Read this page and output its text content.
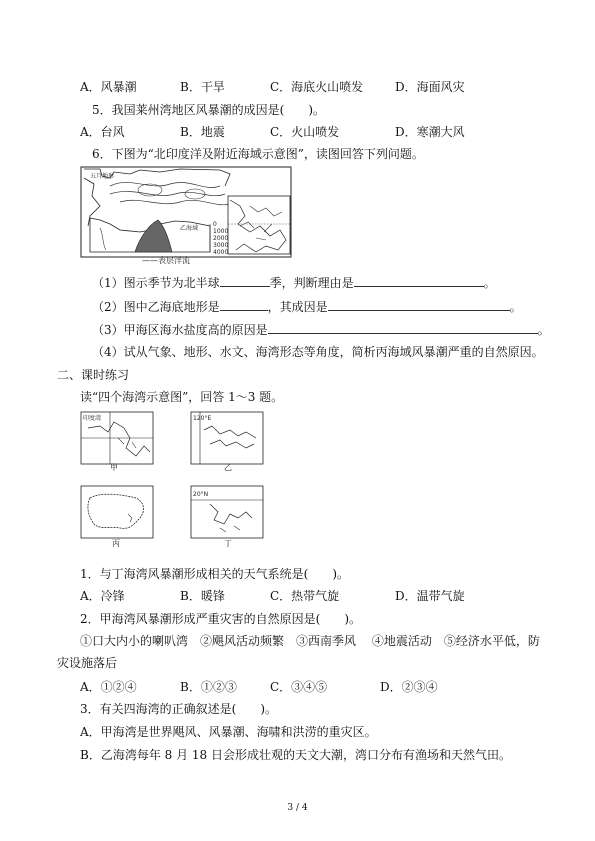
A．风暴潮	B．干旱	C．海底火山喷发	D．海面风灾
5．我国莱州湾地区风暴潮的成因是(　　)。
A．台风	B．地震	C．火山喷发	D．寒潮大风
6．下图为“北印度洋及附近海域示意图”，读图回答下列问题。
五月地形
乙海域
0
1000
2000
3000
4000
——表层洋流
（1）图示季节为北半球	季，判断理由是	。
（2）图中乙海底地形是	，其成因是	。
（3）甲海区海水盐度高的原因是	。
（4）试从气象、地形、水文、海湾形态等角度，简析丙海域风暴潮严重的自然原因。
二、课时练习
读“四个海湾示意图”，回答 1～3 题。
印度湾
甲
120°E
乙
丙
20°N
丁
1．与丁海湾风暴潮形成相关的天气系统是(　　)。
A．冷锋	B．暖锋	C．热带气旋	D．温带气旋
2．甲海湾风暴潮形成严重灾害的自然原因是(　　)。
①口大内小的喇叭湾　②飓风活动频繁　③西南季风　 ④地震活动　⑤经济水平低，防
灾设施落后
A．①②④	B．①②③	C．③④⑤	D．②③④
3．有关四海湾的正确叙述是(　　)。
A．甲海湾是世界飓风、风暴潮、海啸和洪涝的重灾区。
B．乙海湾每年 8 月 18 日会形成壮观的天文大潮，湾口分布有渔场和天然气田。
3 / 4
